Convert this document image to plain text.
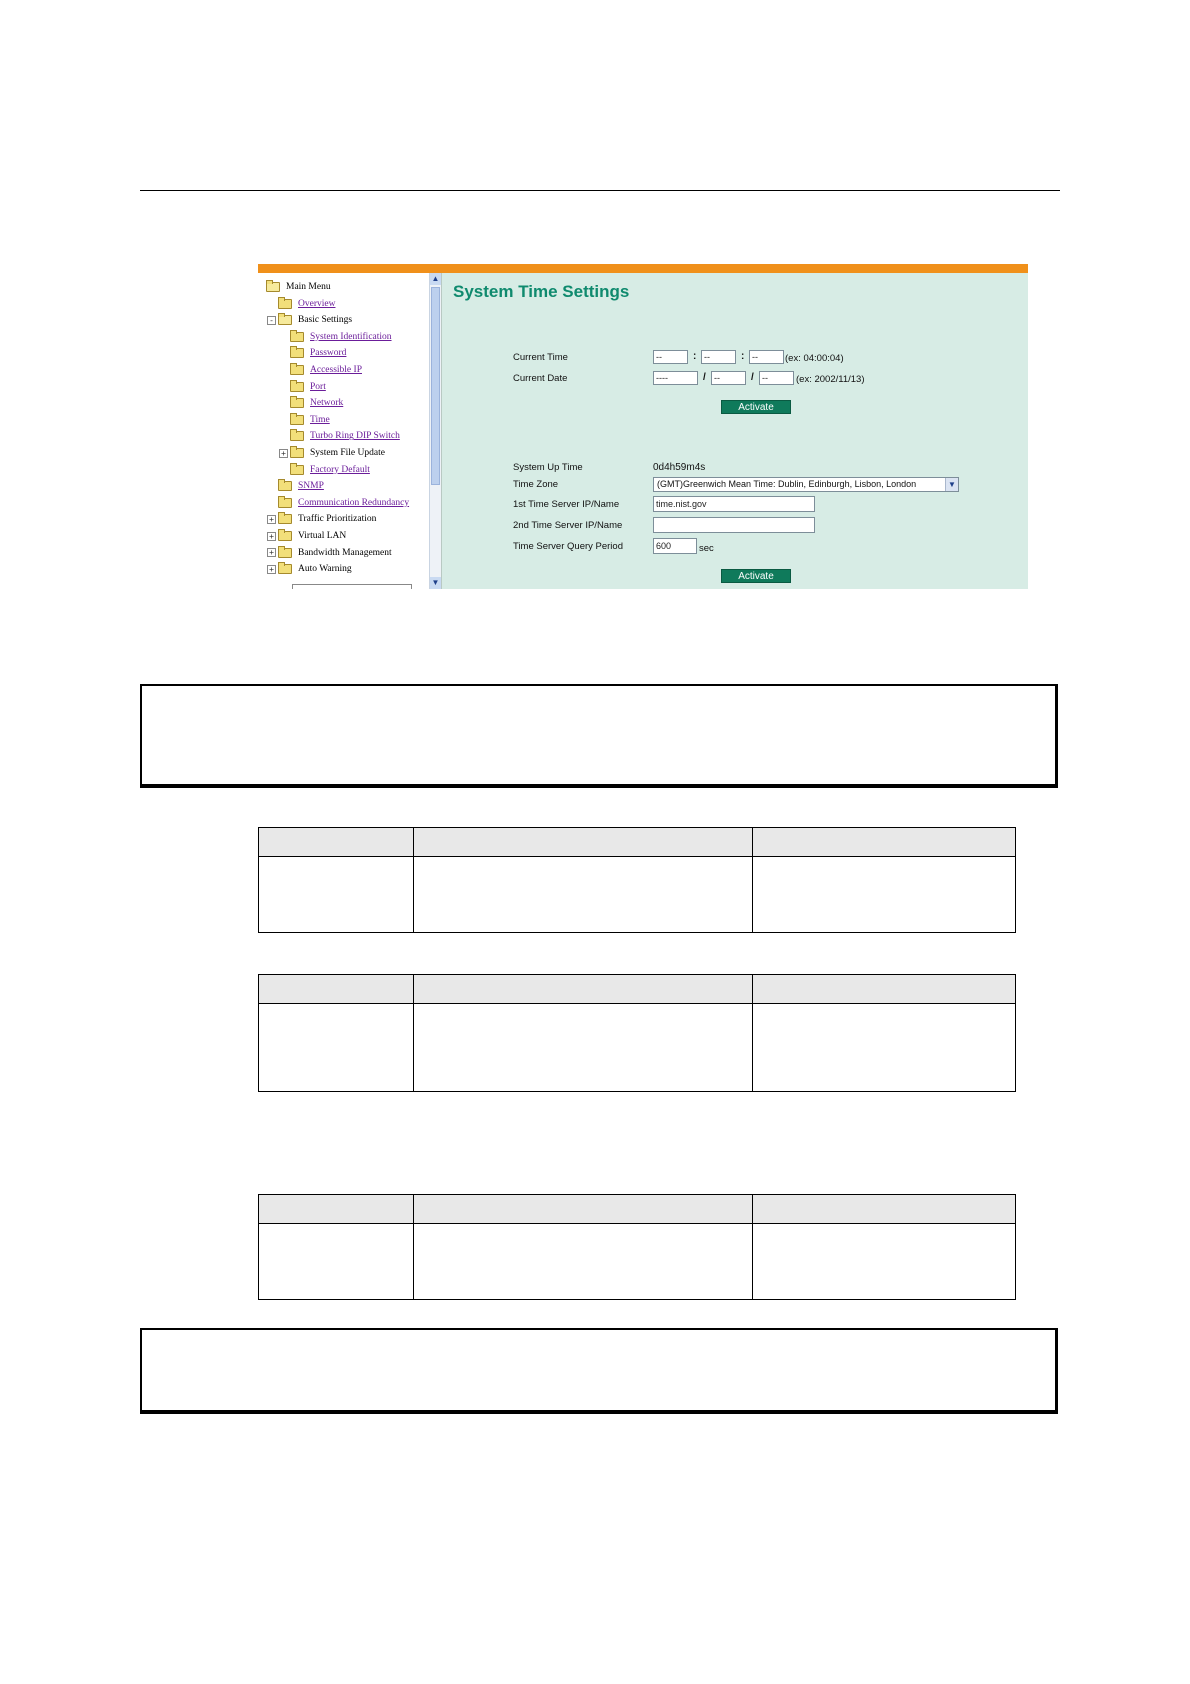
Main Menu
Overview
-	Basic Settings
System Identification
Password
Accessible IP
Port
Network
Time
Turbo Ring DIP Switch
+	System File Update
Factory Default
SNMP
Communication Redundancy
+	Traffic Prioritization
+	Virtual LAN
+	Bandwidth Management
+	Auto Warning
▲
▼
System Time Settings
Current Time	--	: --	: --	(ex: 04:00:04)
Current Date	----	/ --	/ --	(ex: 2002/11/13)
Activate
System Up Time	0d4h59m4s
Time Zone	(GMT)Greenwich Mean Time: Dublin, Edinburgh, Lisbon, London	▼
1st Time Server IP/Name	time.nist.gov
2nd Time Server IP/Name
Time Server Query Period	600	sec
Activate
